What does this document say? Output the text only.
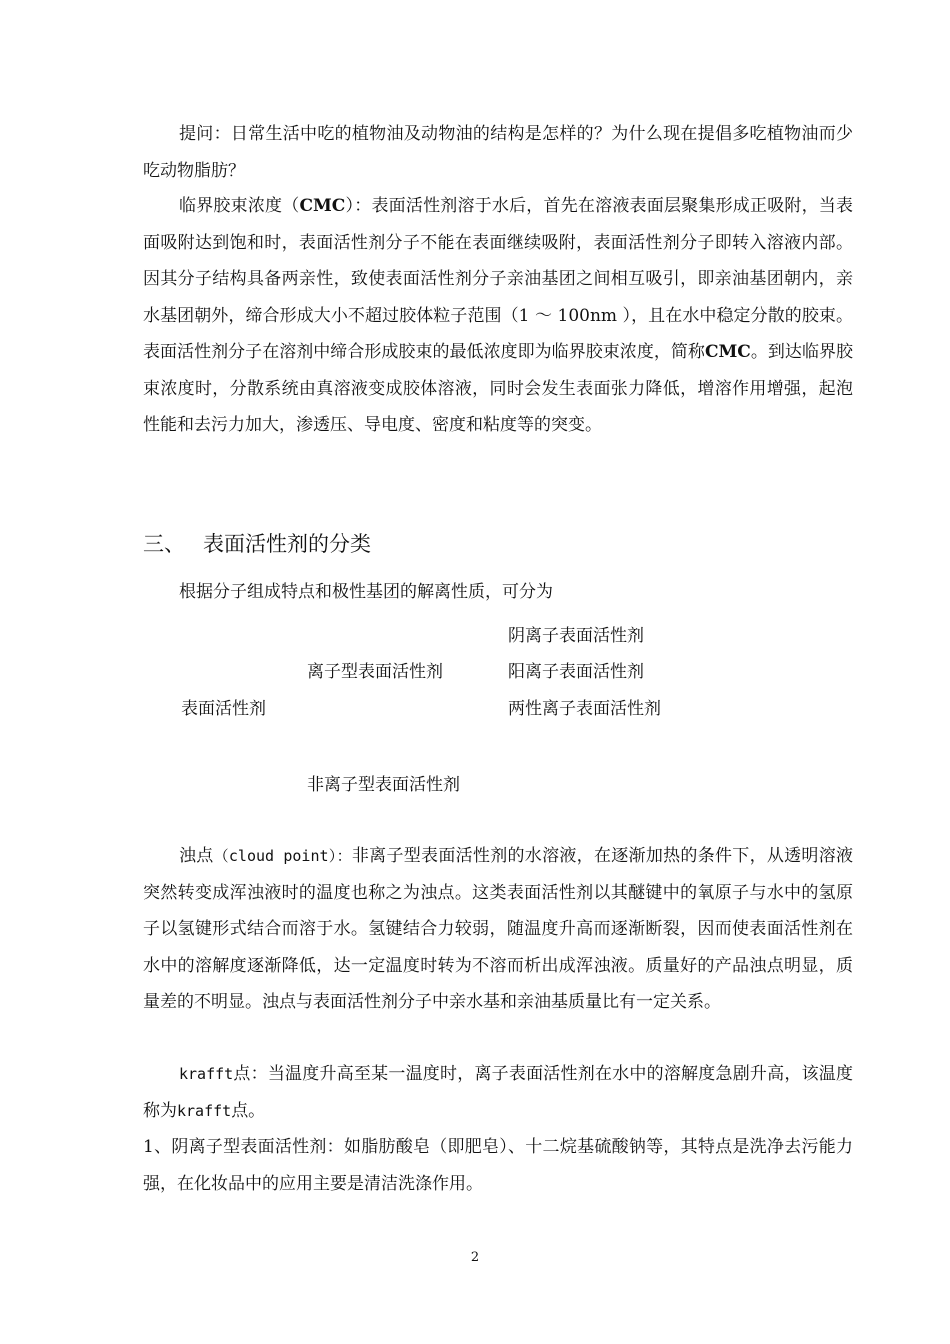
提问：日常生活中吃的植物油及动物油的结构是怎样的？为什么现在提倡多吃植物油而少吃动物脂肪？

临界胶束浓度（CMC）：表面活性剂溶于水后，首先在溶液表面层聚集形成正吸附，当表面吸附达到饱和时，表面活性剂分子不能在表面继续吸附，表面活性剂分子即转入溶液内部。因其分子结构具备两亲性，致使表面活性剂分子亲油基团之间相互吸引，即亲油基团朝内，亲水基团朝外，缔合形成大小不超过胶体粒子范围（1 ～ 100nm ），且在水中稳定分散的胶束。表面活性剂分子在溶剂中缔合形成胶束的最低浓度即为临界胶束浓度，简称CMC。到达临界胶束浓度时，分散系统由真溶液变成胶体溶液，同时会发生表面张力降低，增溶作用增强，起泡性能和去污力加大，渗透压、导电度、密度和粘度等的突变。

三、 表面活性剂的分类

根据分子组成特点和极性基团的解离性质，可分为

阴离子表面活性剂
离子型表面活性剂	阳离子表面活性剂
表面活性剂	两性离子表面活性剂
非离子型表面活性剂

浊点（cloud point）：非离子型表面活性剂的水溶液，在逐渐加热的条件下，从透明溶液突然转变成浑浊液时的温度也称之为浊点。这类表面活性剂以其醚键中的氧原子与水中的氢原子以氢键形式结合而溶于水。氢键结合力较弱，随温度升高而逐渐断裂，因而使表面活性剂在水中的溶解度逐渐降低，达一定温度时转为不溶而析出成浑浊液。质量好的产品浊点明显，质量差的不明显。浊点与表面活性剂分子中亲水基和亲油基质量比有一定关系。

krafft点：当温度升高至某一温度时，离子表面活性剂在水中的溶解度急剧升高，该温度称为krafft点。

1、阴离子型表面活性剂：如脂肪酸皂（即肥皂）、十二烷基硫酸钠等，其特点是洗净去污能力强，在化妆品中的应用主要是清洁洗涤作用。

2
